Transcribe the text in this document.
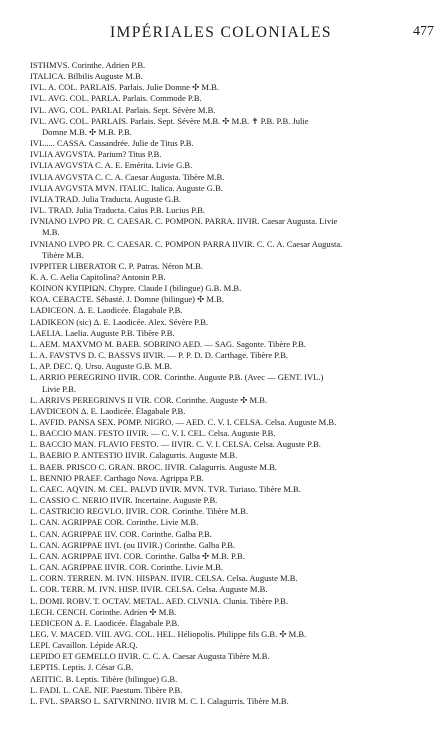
IMPÉRIALES COLONIALES	477
ISTHMVS. Corinthe. Adrien P.B.
ITALICA. Bilbilis Auguste M.B.
IVL. A. COL. PARLAIS. Parlais. Julie Domne ✣ M.B.
IVL. AVG. COL. PARLA. Parlais. Commode P.B.
IVL. AVG. COL. PARLAI. Parlais. Sept. Sévère M.B.
IVL. AVG. COL. PARLAIS. Parlais. Sept. Sévère M.B. ✣ M.B. ✝ P.B. P.B. Julie
Domne M.B. ✣ M.B. P.B.
IVL..... CASSA. Cassandrée. Julie de Titus P.B.
IVLIA AVGVSTA. Parium? Titus P.B.
IVLIA AVGVSTA C. A. E. Emérita. Livie G.B.
IVLIA AVGVSTA C. C. A. Caesar Augusta. Tibère M.B.
IVLIA AVGVSTA MVN. ITALIC. Italica. Auguste G.B.
IVLIA TRAD. Julia Traducta. Auguste G.B.
IVL. TRAD. Julia Traducta. Caïus P.B. Lucius P.B.
IVNIANO LVPO PR. C. CAESAR. C. POMPON. PARRA. IIVIR. Caesar Augusta. Livie
M.B.
IVNIANO LVPO PR. C. CAESAR. C. POMPON PARRA IIVIR. C. C. A. Caesar Augusta.
Tibère M.B.
IVPPITER LIBERATOR C. P. Patras. Néron M.B.
K. A. C. Aelia Capitolina? Antonin P.B.
KOINON KΥΠΡΙΩΝ. Chypre. Claude I (bilingue) G.B. M.B.
KOA. CEBACTE. Sébasté. J. Domne (bilingue) ✣ M.B.
LADICEON. Δ. E. Laodicée. Élagabale P.B.
LADIKEON (sic) Δ. E. Laodicée. Alex. Sévère P.B.
LAELIA. Laelia. Auguste P.B. Tibère P.B.
L. AEM. MAXVMO M. BAEB. SOBRINO AED. — SAG. Sagonte. Tibère P.B.
L. A. FAVSTVS D. C. BASSVS IIVIR. — P. P. D. D. Carthage. Tibère P.B.
L. AP. DEC. Q. Urso. Auguste G.B. M.B.
L. ARRIO PEREGRINO IIVIR. COR. Corinthe. Auguste P.B. (Avec — GENT. IVL.)
Livie P.B.
L. ARRIVS PEREGRINVS II VIR. COR. Corinthe. Auguste ✣ M.B.
LAVDICEON Δ. E. Laodicée. Élagabale P.B.
L. AVFID. PANSA SEX. POMP. NIGRO. — AED. C. V. I. CELSA. Celsa. Auguste M.B.
L. BACCIO MAN. FESTO IIVIR. — C. V. I. CEL. Celsa. Auguste P.B.
L. BACCIO MAN. FLAVIO FESTO. — IIVIR. C. V. I. CELSA. Celsa. Auguste P.B.
L. BAEBIO P. ANTESTIO IIVIR. Calagurris. Auguste M.B.
L. BAEB. PRISCO C. GRAN. BROC. IIVIR. Calagurris. Auguste M.B.
L. BENNIO PRAEF. Carthago Nova. Agrippa P.B.
L. CAEC. AQVIN. M. CEL. PALVD IIVIR. MVN. TVR. Turiaso. Tibère M.B.
L. CASSIO C. NERIO IIVIR. Incertaine. Auguste P.B.
L. CASTRICIO REGVLO. IIVIR. COR. Corinthe. Tibère M.B.
L. CAN. AGRIPPAE COR. Corinthe. Livie M.B.
L. CAN. AGRIPPAE IIV. COR. Corinthe. Galba P.B.
L. CAN. AGRIPPAE IIVI. (ou IIVIR.) Corinthe. Galba P.B.
L. CAN. AGRIPPAE IIVI. COR. Corinthe. Galba ✣ M.B. P.B.
L. CAN. AGRIPPAE IIVIR. COR. Corinthe. Livie M.B.
L. CORN. TERREN. M. IVN. HISPAN. IIVIR. CELSA. Celsa. Auguste M.B.
L. COR. TERR. M. IVN. HISP. IIVIR. CELSA. Celsa. Auguste M.B.
L. DOMI. ROBV. T. OCTAV. METAL. AED. CLVNIA. Clunia. Tibère P.B.
LECH. CENCH. Corinthe. Adrien ✣ M.B.
LEDICEON Δ. E. Laodicée. Élagabale P.B.
LEG. V. MACED. VIII. AVG. COL. HEL. Héliopolis. Philippe fils G.B. ✣ M.B.
LEPI. Cavaillon. Lépide AR.Q.
LEPIDO ET GEMELLO IIVIR. C. C. A. Caesar Augusta Tibère M.B.
LEPTIS. Leptis. J. César G.B.
ΛΕΠΤΙC. B. Leptis. Tibère (bilingue) G.B.
L. FADI. L. CAE. NIF. Paestum. Tibère P.B.
L. FVL. SPARSO L. SATVRNINO. IIVIR M. C. I. Calagurris. Tibère M.B.
